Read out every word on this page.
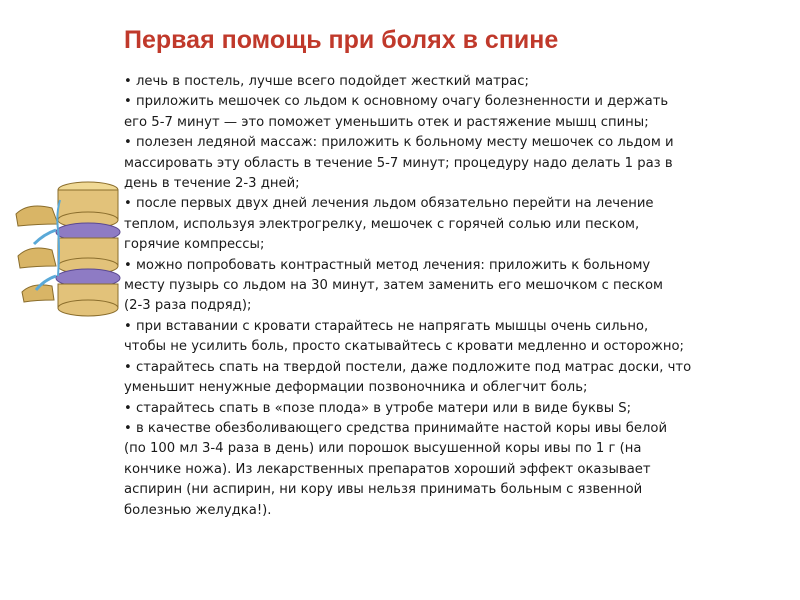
Первая помощь при болях в спине
• лечь в постель, лучше всего подойдет жесткий матрас;
• приложить мешочек со льдом к основному очагу болезненности и держать
его 5-7 минут — это поможет уменьшить отек и растяжение мышц спины;
• полезен ледяной массаж: приложить к больному месту мешочек со льдом и
массировать эту область в течение 5-7 минут; процедуру надо делать 1 раз в
день в течение 2-3 дней;
• после первых двух дней лечения льдом обязательно перейти на лечение
теплом, используя электрогрелку, мешочек с горячей солью или песком,
горячие компрессы;
• можно попробовать контрастный метод лечения: приложить к больному
месту пузырь со льдом на 30 минут, затем заменить его мешочком с песком
(2-3 раза подряд);
• при вставании с кровати старайтесь не напрягать мышцы очень сильно,
чтобы не усилить боль, просто скатывайтесь с кровати медленно и осторожно;
• старайтесь спать на твердой постели, даже подложите под матрас доски, что
уменьшит ненужные деформации позвоночника и облегчит боль;
• старайтесь спать в «позе плода» в утробе матери или в виде буквы S;
• в качестве обезболивающего средства принимайте настой коры ивы белой
(по 100 мл 3-4 раза в день) или порошок высушенной коры ивы по 1 г (на
кончике ножа). Из лекарственных препаратов хороший эффект оказывает
аспирин (ни аспирин, ни кору ивы нельзя принимать больным с язвенной
болезнью желудка!).
